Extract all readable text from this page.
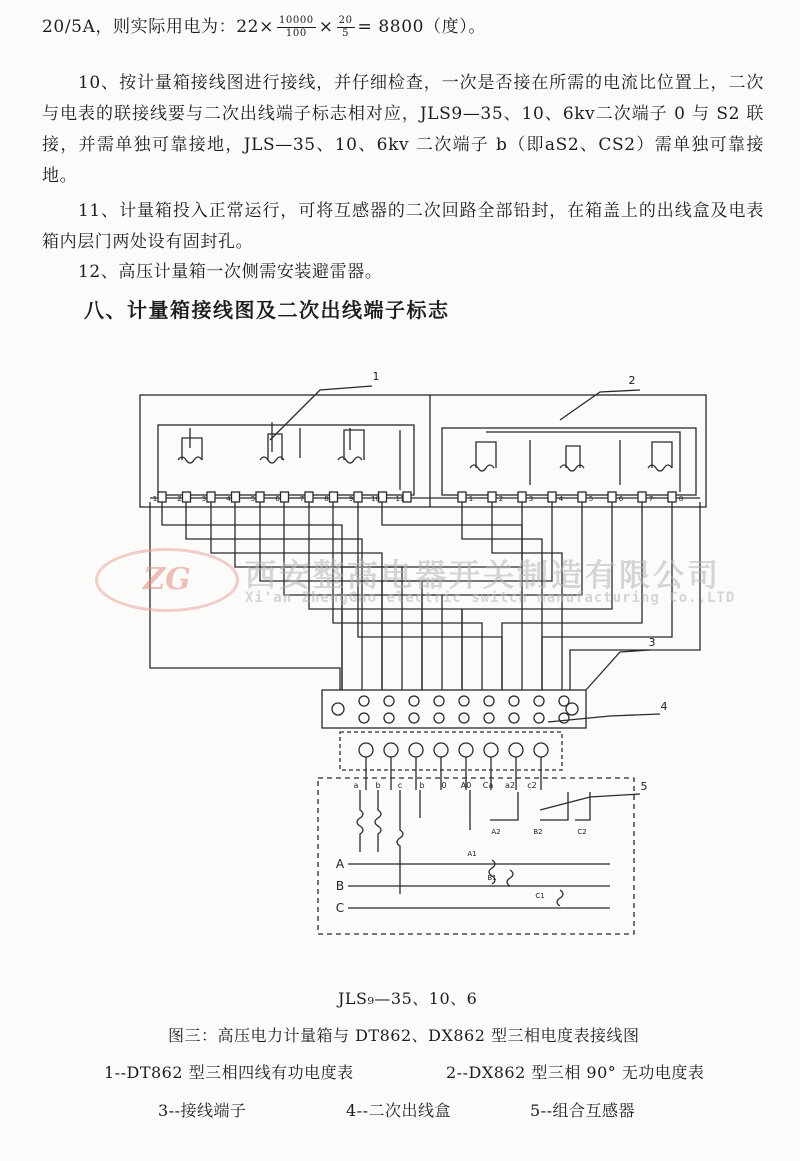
20/5A，则实际用电为：$22\times \frac{10000}{100} \times \frac{20}{5} = 8800$（度）。
10、按计量箱接线图进行接线，并仔细检查，一次是否接在所需的电流比位置上，二次与电表的联接线要与二次出线端子标志相对应，JLS9—35、10、6kv二次端子 0 与 S2 联接，并需单独可靠接地，JLS—35、10、6kv 二次端子 b（即aS2、CS2）需单独可靠接地。
11、计量箱投入正常运行，可将互感器的二次回路全部铅封，在箱盖上的出线盒及电表箱内层门两处设有固封孔。
12、高压计量箱一次侧需安装避雷器。
八、计量箱接线图及二次出线端子标志
1	2	3	4	5	6	7	8	9	10 11	1	2	3	4	5	6	7	8
a b c b 0 A0 Ca a2 c2
A
B
C
A2	B2	C2
A1
B1
C1
1	2
3
4
5
ZG	西安整高电器开关制造有限公司
Xi'an ZhengGao electric switch manufacturing Co.,LTD
JLS₉—35、10、6
图三：高压电力计量箱与 DT862、DX862 型三相电度表接线图
1--DT862 型三相四线有功电度表	2--DX862 型三相 90° 无功电度表
3--接线端子	4--二次出线盒	5--组合互感器
